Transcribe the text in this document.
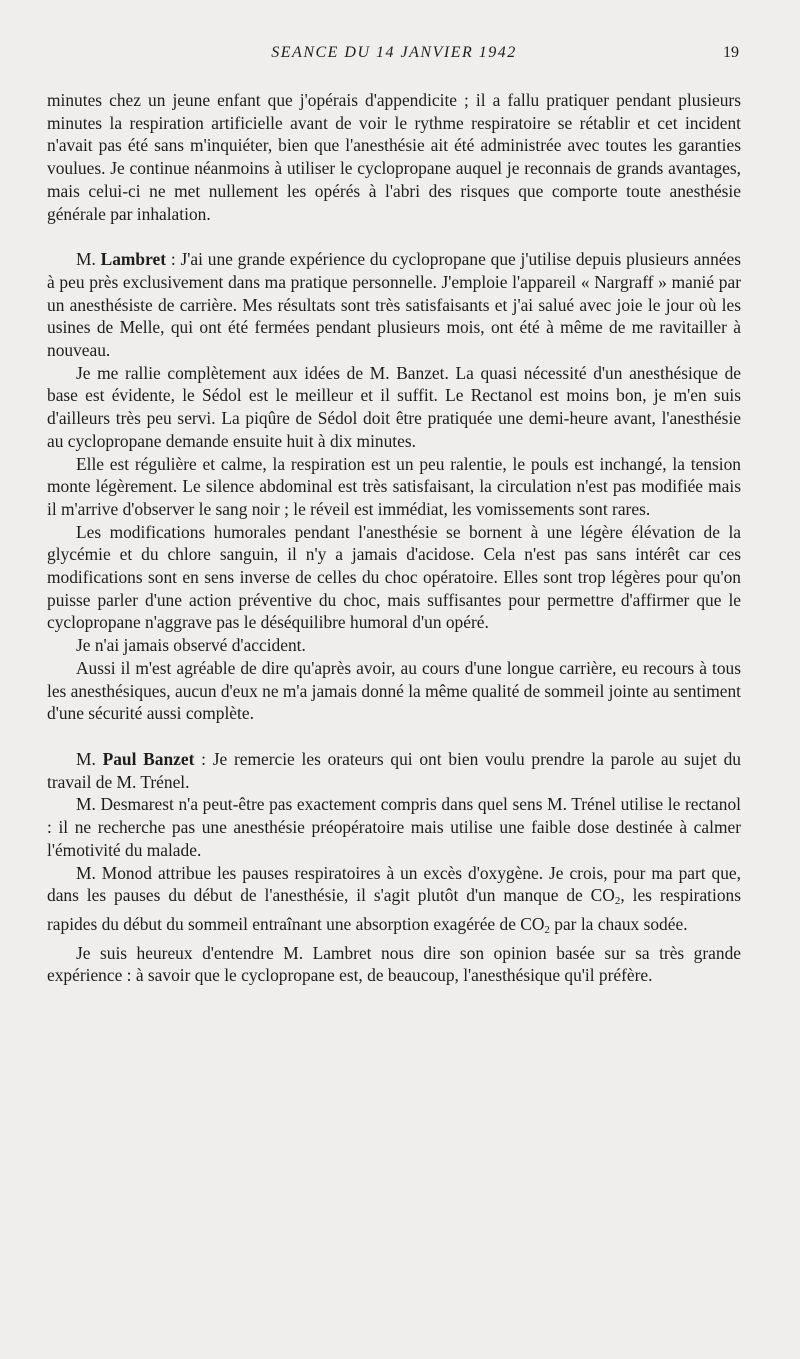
SEANCE DU 14 JANVIER 1942	19

minutes chez un jeune enfant que j'opérais d'appendicite ; il a fallu pratiquer pendant plusieurs minutes la respiration artificielle avant de voir le rythme respiratoire se rétablir et cet incident n'avait pas été sans m'inquiéter, bien que l'anesthésie ait été administrée avec toutes les garanties voulues. Je continue néanmoins à utiliser le cyclopropane auquel je reconnais de grands avantages, mais celui-ci ne met nullement les opérés à l'abri des risques que comporte toute anesthésie générale par inhalation.

M. Lambret : J'ai une grande expérience du cyclopropane que j'utilise depuis plusieurs années à peu près exclusivement dans ma pratique personnelle. J'emploie l'appareil « Nargraff » manié par un anesthésiste de carrière. Mes résultats sont très satisfaisants et j'ai salué avec joie le jour où les usines de Melle, qui ont été fermées pendant plusieurs mois, ont été à même de me ravitailler à nouveau.

Je me rallie complètement aux idées de M. Banzet. La quasi nécessité d'un anesthésique de base est évidente, le Sédol est le meilleur et il suffit. Le Rectanol est moins bon, je m'en suis d'ailleurs très peu servi. La piqûre de Sédol doit être pratiquée une demi-heure avant, l'anesthésie au cyclopropane demande ensuite huit à dix minutes.

Elle est régulière et calme, la respiration est un peu ralentie, le pouls est inchangé, la tension monte légèrement. Le silence abdominal est très satisfaisant, la circulation n'est pas modifiée mais il m'arrive d'observer le sang noir ; le réveil est immédiat, les vomissements sont rares.

Les modifications humorales pendant l'anesthésie se bornent à une légère élévation de la glycémie et du chlore sanguin, il n'y a jamais d'acidose. Cela n'est pas sans intérêt car ces modifications sont en sens inverse de celles du choc opératoire. Elles sont trop légères pour qu'on puisse parler d'une action préventive du choc, mais suffisantes pour permettre d'affirmer que le cyclopropane n'aggrave pas le déséquilibre humoral d'un opéré.

Je n'ai jamais observé d'accident.

Aussi il m'est agréable de dire qu'après avoir, au cours d'une longue carrière, eu recours à tous les anesthésiques, aucun d'eux ne m'a jamais donné la même qualité de sommeil jointe au sentiment d'une sécurité aussi complète.

M. Paul Banzet : Je remercie les orateurs qui ont bien voulu prendre la parole au sujet du travail de M. Trénel.

M. Desmarest n'a peut-être pas exactement compris dans quel sens M. Trénel utilise le rectanol : il ne recherche pas une anesthésie préopératoire mais utilise une faible dose destinée à calmer l'émotivité du malade.

M. Monod attribue les pauses respiratoires à un excès d'oxygène. Je crois, pour ma part que, dans les pauses du début de l'anesthésie, il s'agit plutôt d'un manque de $CO_2$, les respirations rapides du début du sommeil entraînant une absorption exagérée de $CO_2$ par la chaux sodée.

Je suis heureux d'entendre M. Lambret nous dire son opinion basée sur sa très grande expérience : à savoir que le cyclopropane est, de beaucoup, l'anesthésique qu'il préfère.
